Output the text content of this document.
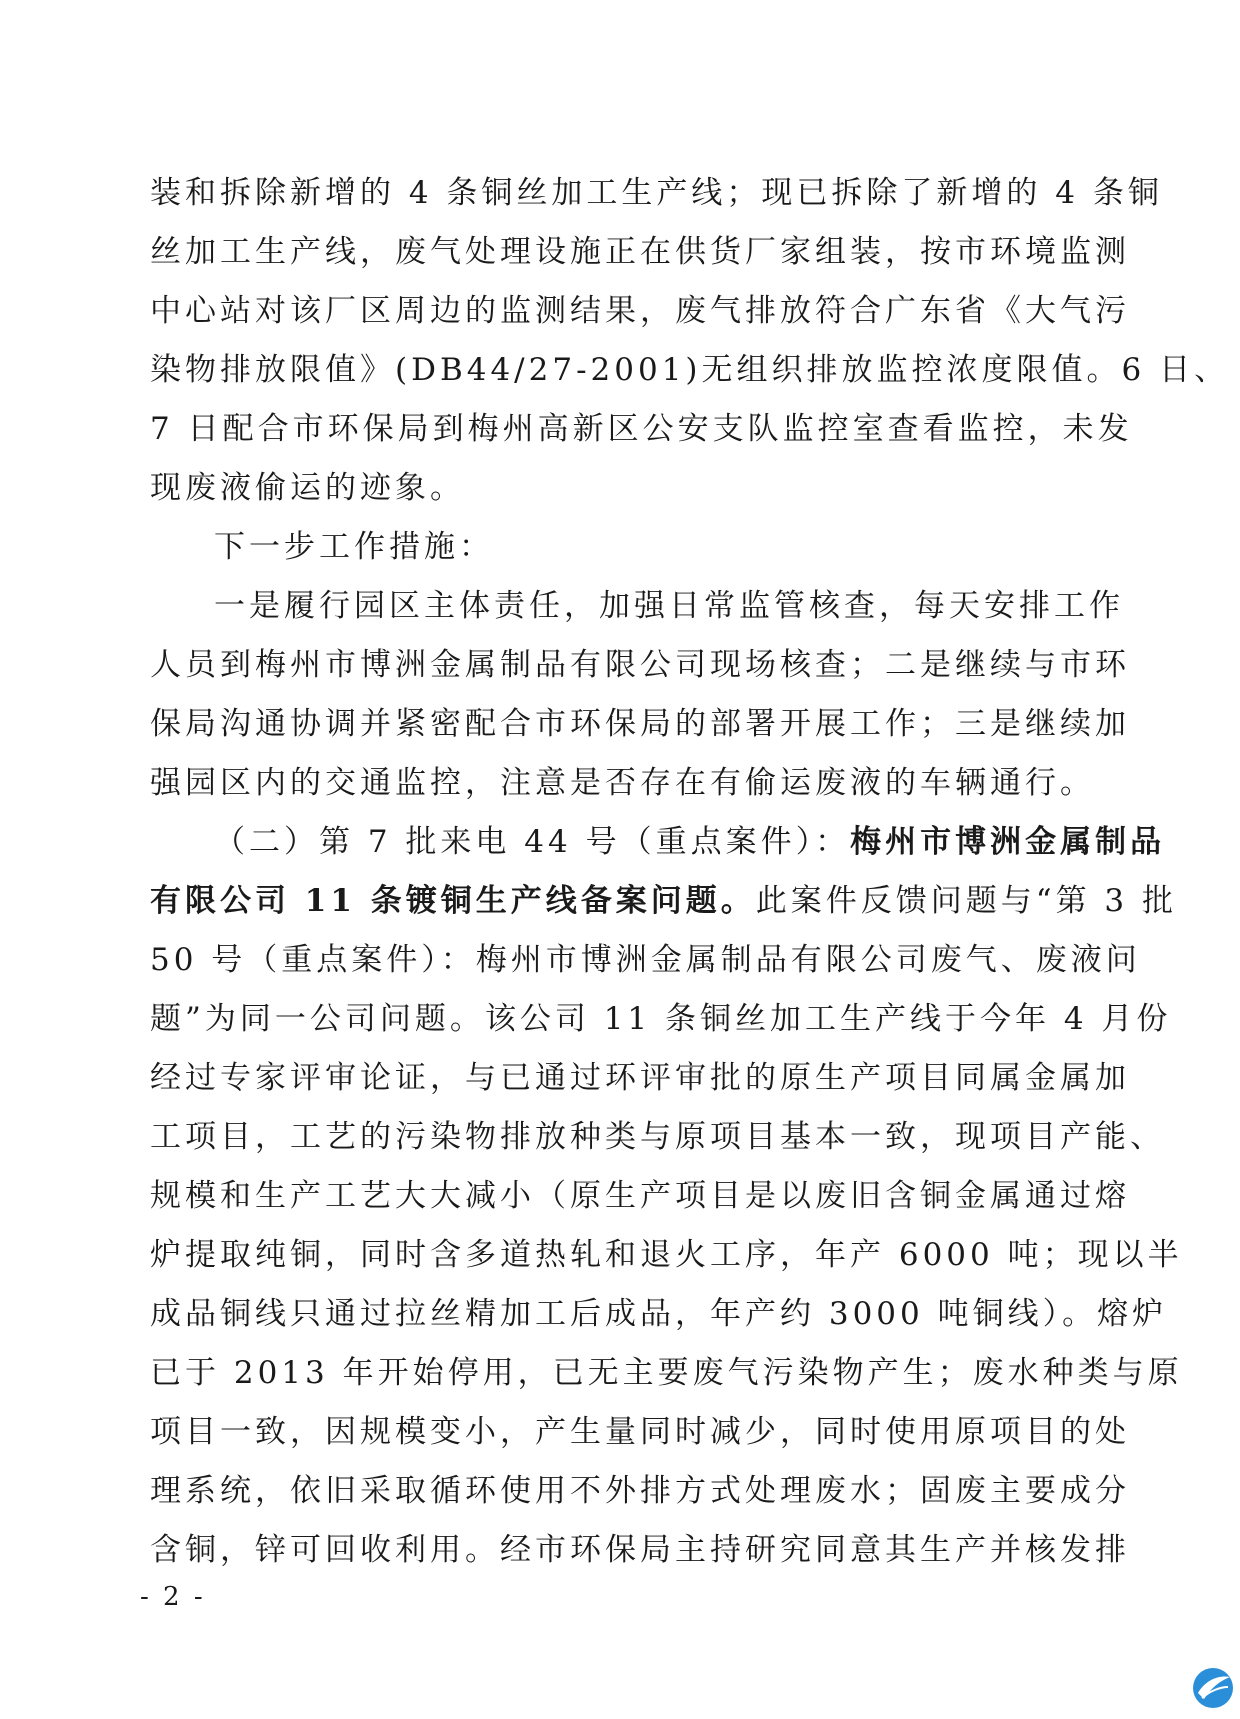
装和拆除新增的 4 条铜丝加工生产线；现已拆除了新增的 4 条铜
丝加工生产线，废气处理设施正在供货厂家组装，按市环境监测
中心站对该厂区周边的监测结果，废气排放符合广东省《大气污
染物排放限值》(DB44/27-2001)无组织排放监控浓度限值。6 日、
7 日配合市环保局到梅州高新区公安支队监控室查看监控，未发
现废液偷运的迹象。
下一步工作措施：
一是履行园区主体责任，加强日常监管核查，每天安排工作
人员到梅州市博洲金属制品有限公司现场核查；二是继续与市环
保局沟通协调并紧密配合市环保局的部署开展工作；三是继续加
强园区内的交通监控，注意是否存在有偷运废液的车辆通行。
（二）第 7 批来电 44 号（重点案件）：梅州市博洲金属制品
有限公司 11 条镀铜生产线备案问题。此案件反馈问题与“第 3 批
50 号（重点案件）：梅州市博洲金属制品有限公司废气、废液问
题”为同一公司问题。该公司 11 条铜丝加工生产线于今年 4 月份
经过专家评审论证，与已通过环评审批的原生产项目同属金属加
工项目，工艺的污染物排放种类与原项目基本一致，现项目产能、
规模和生产工艺大大减小（原生产项目是以废旧含铜金属通过熔
炉提取纯铜，同时含多道热轧和退火工序，年产 6000 吨；现以半
成品铜线只通过拉丝精加工后成品，年产约 3000 吨铜线）。熔炉
已于 2013 年开始停用，已无主要废气污染物产生；废水种类与原
项目一致，因规模变小，产生量同时减少，同时使用原项目的处
理系统，依旧采取循环使用不外排方式处理废水；固废主要成分
含铜，锌可回收利用。经市环保局主持研究同意其生产并核发排
- 2 -
